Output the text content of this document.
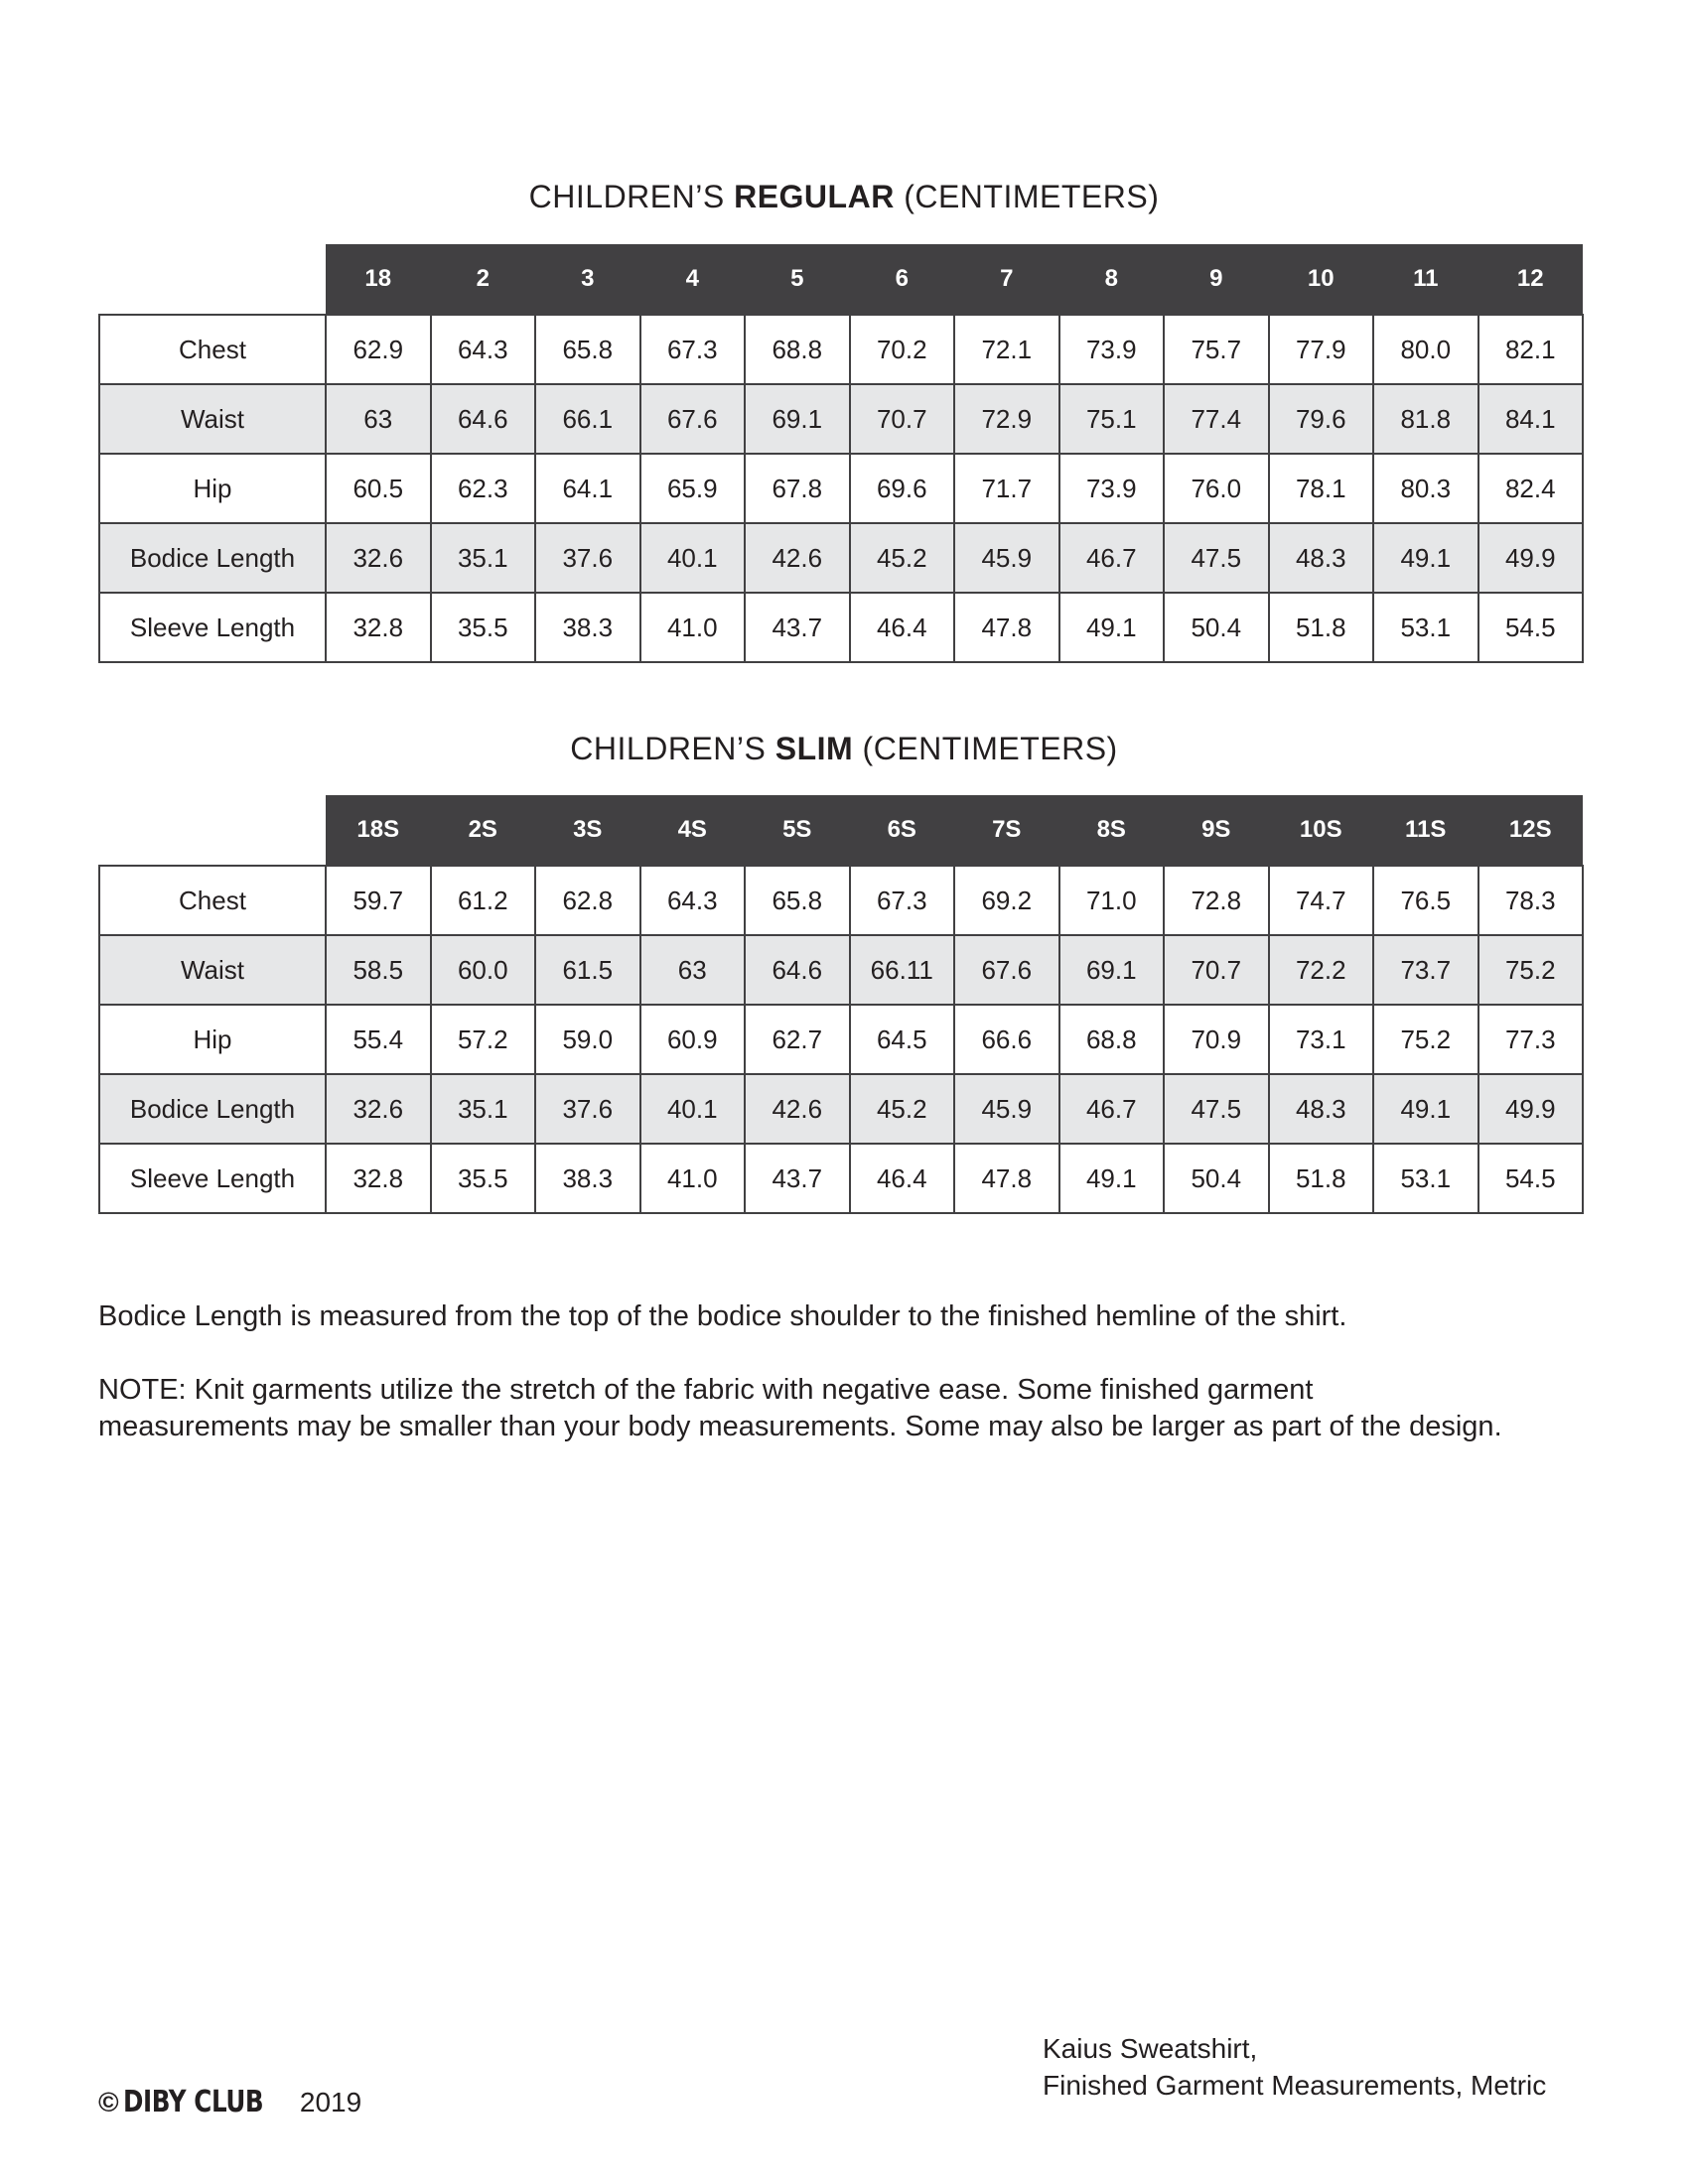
CHILDREN’S REGULAR (CENTIMETERS)
	18	2	3	4	5	6	7	8	9	10	11	12
Chest	62.9	64.3	65.8	67.3	68.8	70.2	72.1	73.9	75.7	77.9	80.0	82.1
Waist	63	64.6	66.1	67.6	69.1	70.7	72.9	75.1	77.4	79.6	81.8	84.1
Hip	60.5	62.3	64.1	65.9	67.8	69.6	71.7	73.9	76.0	78.1	80.3	82.4
Bodice Length	32.6	35.1	37.6	40.1	42.6	45.2	45.9	46.7	47.5	48.3	49.1	49.9
Sleeve Length	32.8	35.5	38.3	41.0	43.7	46.4	47.8	49.1	50.4	51.8	53.1	54.5
CHILDREN’S SLIM (CENTIMETERS)
	18S	2S	3S	4S	5S	6S	7S	8S	9S	10S	11S	12S
Chest	59.7	61.2	62.8	64.3	65.8	67.3	69.2	71.0	72.8	74.7	76.5	78.3
Waist	58.5	60.0	61.5	63	64.6	66.11	67.6	69.1	70.7	72.2	73.7	75.2
Hip	55.4	57.2	59.0	60.9	62.7	64.5	66.6	68.8	70.9	73.1	75.2	77.3
Bodice Length	32.6	35.1	37.6	40.1	42.6	45.2	45.9	46.7	47.5	48.3	49.1	49.9
Sleeve Length	32.8	35.5	38.3	41.0	43.7	46.4	47.8	49.1	50.4	51.8	53.1	54.5
Bodice Length is measured from the top of the bodice shoulder to the finished hemline of the shirt.
NOTE: Knit garments utilize the stretch of the fabric with negative ease. Some finished garment
measurements may be smaller than your body measurements. Some may also be larger as part of the design.
Kaius Sweatshirt,
Finished Garment Measurements, Metric
© DIBY CLUB 2019
